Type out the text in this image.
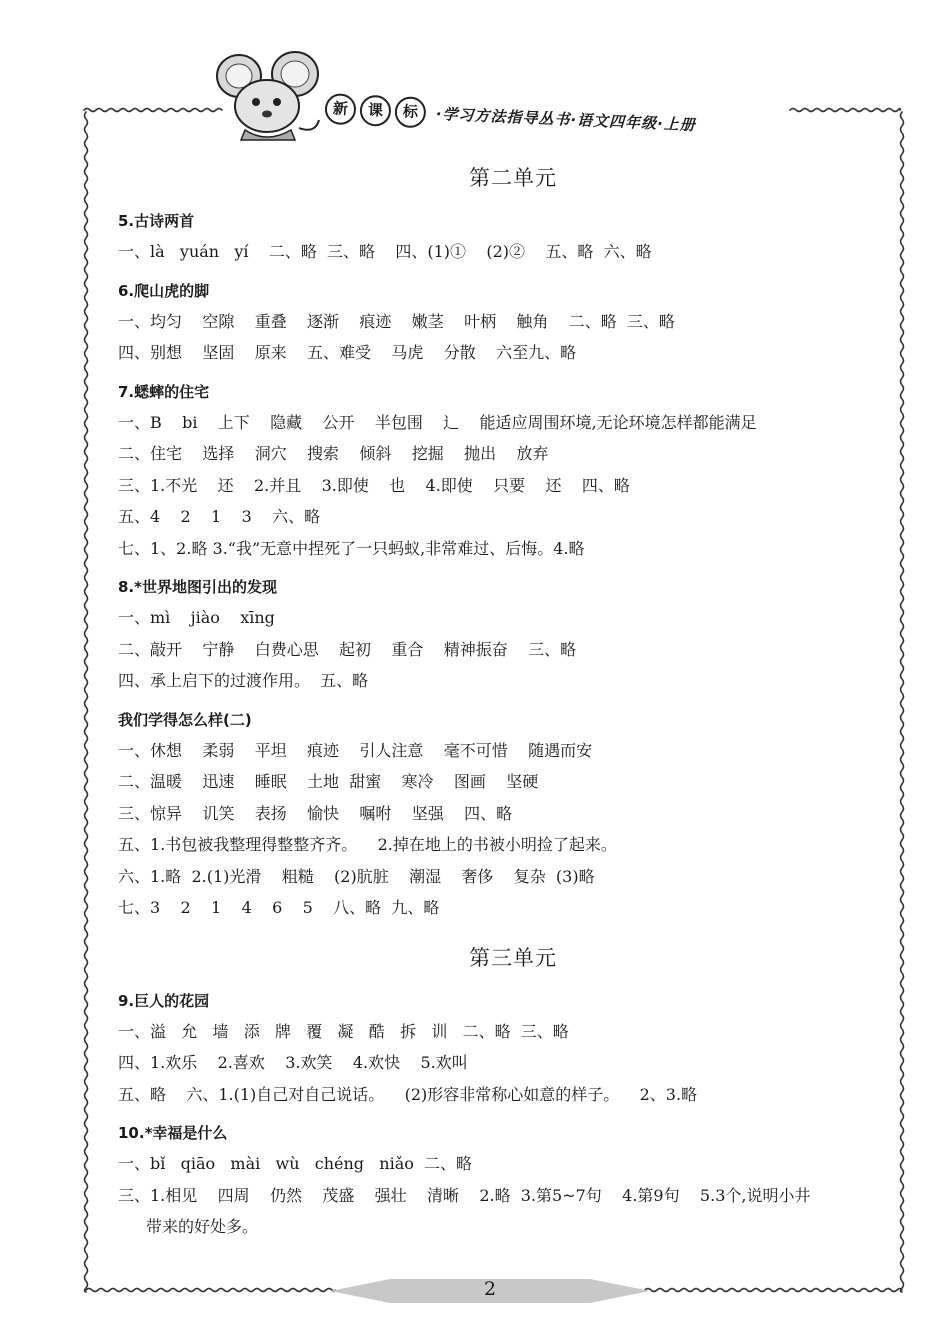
新	课	标	·学习方法指导丛书·语文四年级·上册
第二单元
5.古诗两首
一、là   yuán   yí    二、略  三、略    四、(1)①    (2)②    五、略  六、略
6.爬山虎的脚
一、均匀    空隙    重叠    逐渐    痕迹    嫩茎    叶柄    触角    二、略  三、略
四、别想    坚固    原来    五、难受    马虎    分散    六至九、略
7.蟋蟀的住宅
一、B    bi    上下    隐藏    公开    半包围    辶    能适应周围环境,无论环境怎样都能满足
二、住宅    选择    洞穴    搜索    倾斜    挖掘    抛出    放弃
三、1.不光    还    2.并且    3.即使    也    4.即使    只要    还    四、略
五、4    2    1    3    六、略
七、1、2.略 3.“我”无意中捏死了一只蚂蚁,非常难过、后悔。4.略
8.*世界地图引出的发现
一、mì    jiào    xīng
二、敲开    宁静    白费心思    起初    重合    精神振奋    三、略
四、承上启下的过渡作用。  五、略
我们学得怎么样(二)
一、休想    柔弱    平坦    痕迹    引人注意    毫不可惜    随遇而安
二、温暖    迅速    睡眠    土地  甜蜜    寒冷    图画    坚硬
三、惊异    讥笑    表扬    愉快    嘱咐    坚强    四、略
五、1.书包被我整理得整整齐齐。    2.掉在地上的书被小明捡了起来。
六、1.略  2.(1)光滑    粗糙    (2)肮脏    潮湿    奢侈    复杂  (3)略
七、3    2    1    4    6    5    八、略  九、略
第三单元
9.巨人的花园
一、溢   允   墙   添   牌   覆   凝   酷   拆   训   二、略  三、略
四、1.欢乐    2.喜欢    3.欢笑    4.欢快    5.欢叫
五、略    六、1.(1)自己对自己说话。    (2)形容非常称心如意的样子。    2、3.略
10.*幸福是什么
一、bǐ   qiāo   mài   wù   chéng   niǎo  二、略
三、1.相见    四周    仍然    茂盛    强壮    清晰    2.略  3.第5~7句    4.第9句    5.3个,说明小井
带来的好处多。
2
